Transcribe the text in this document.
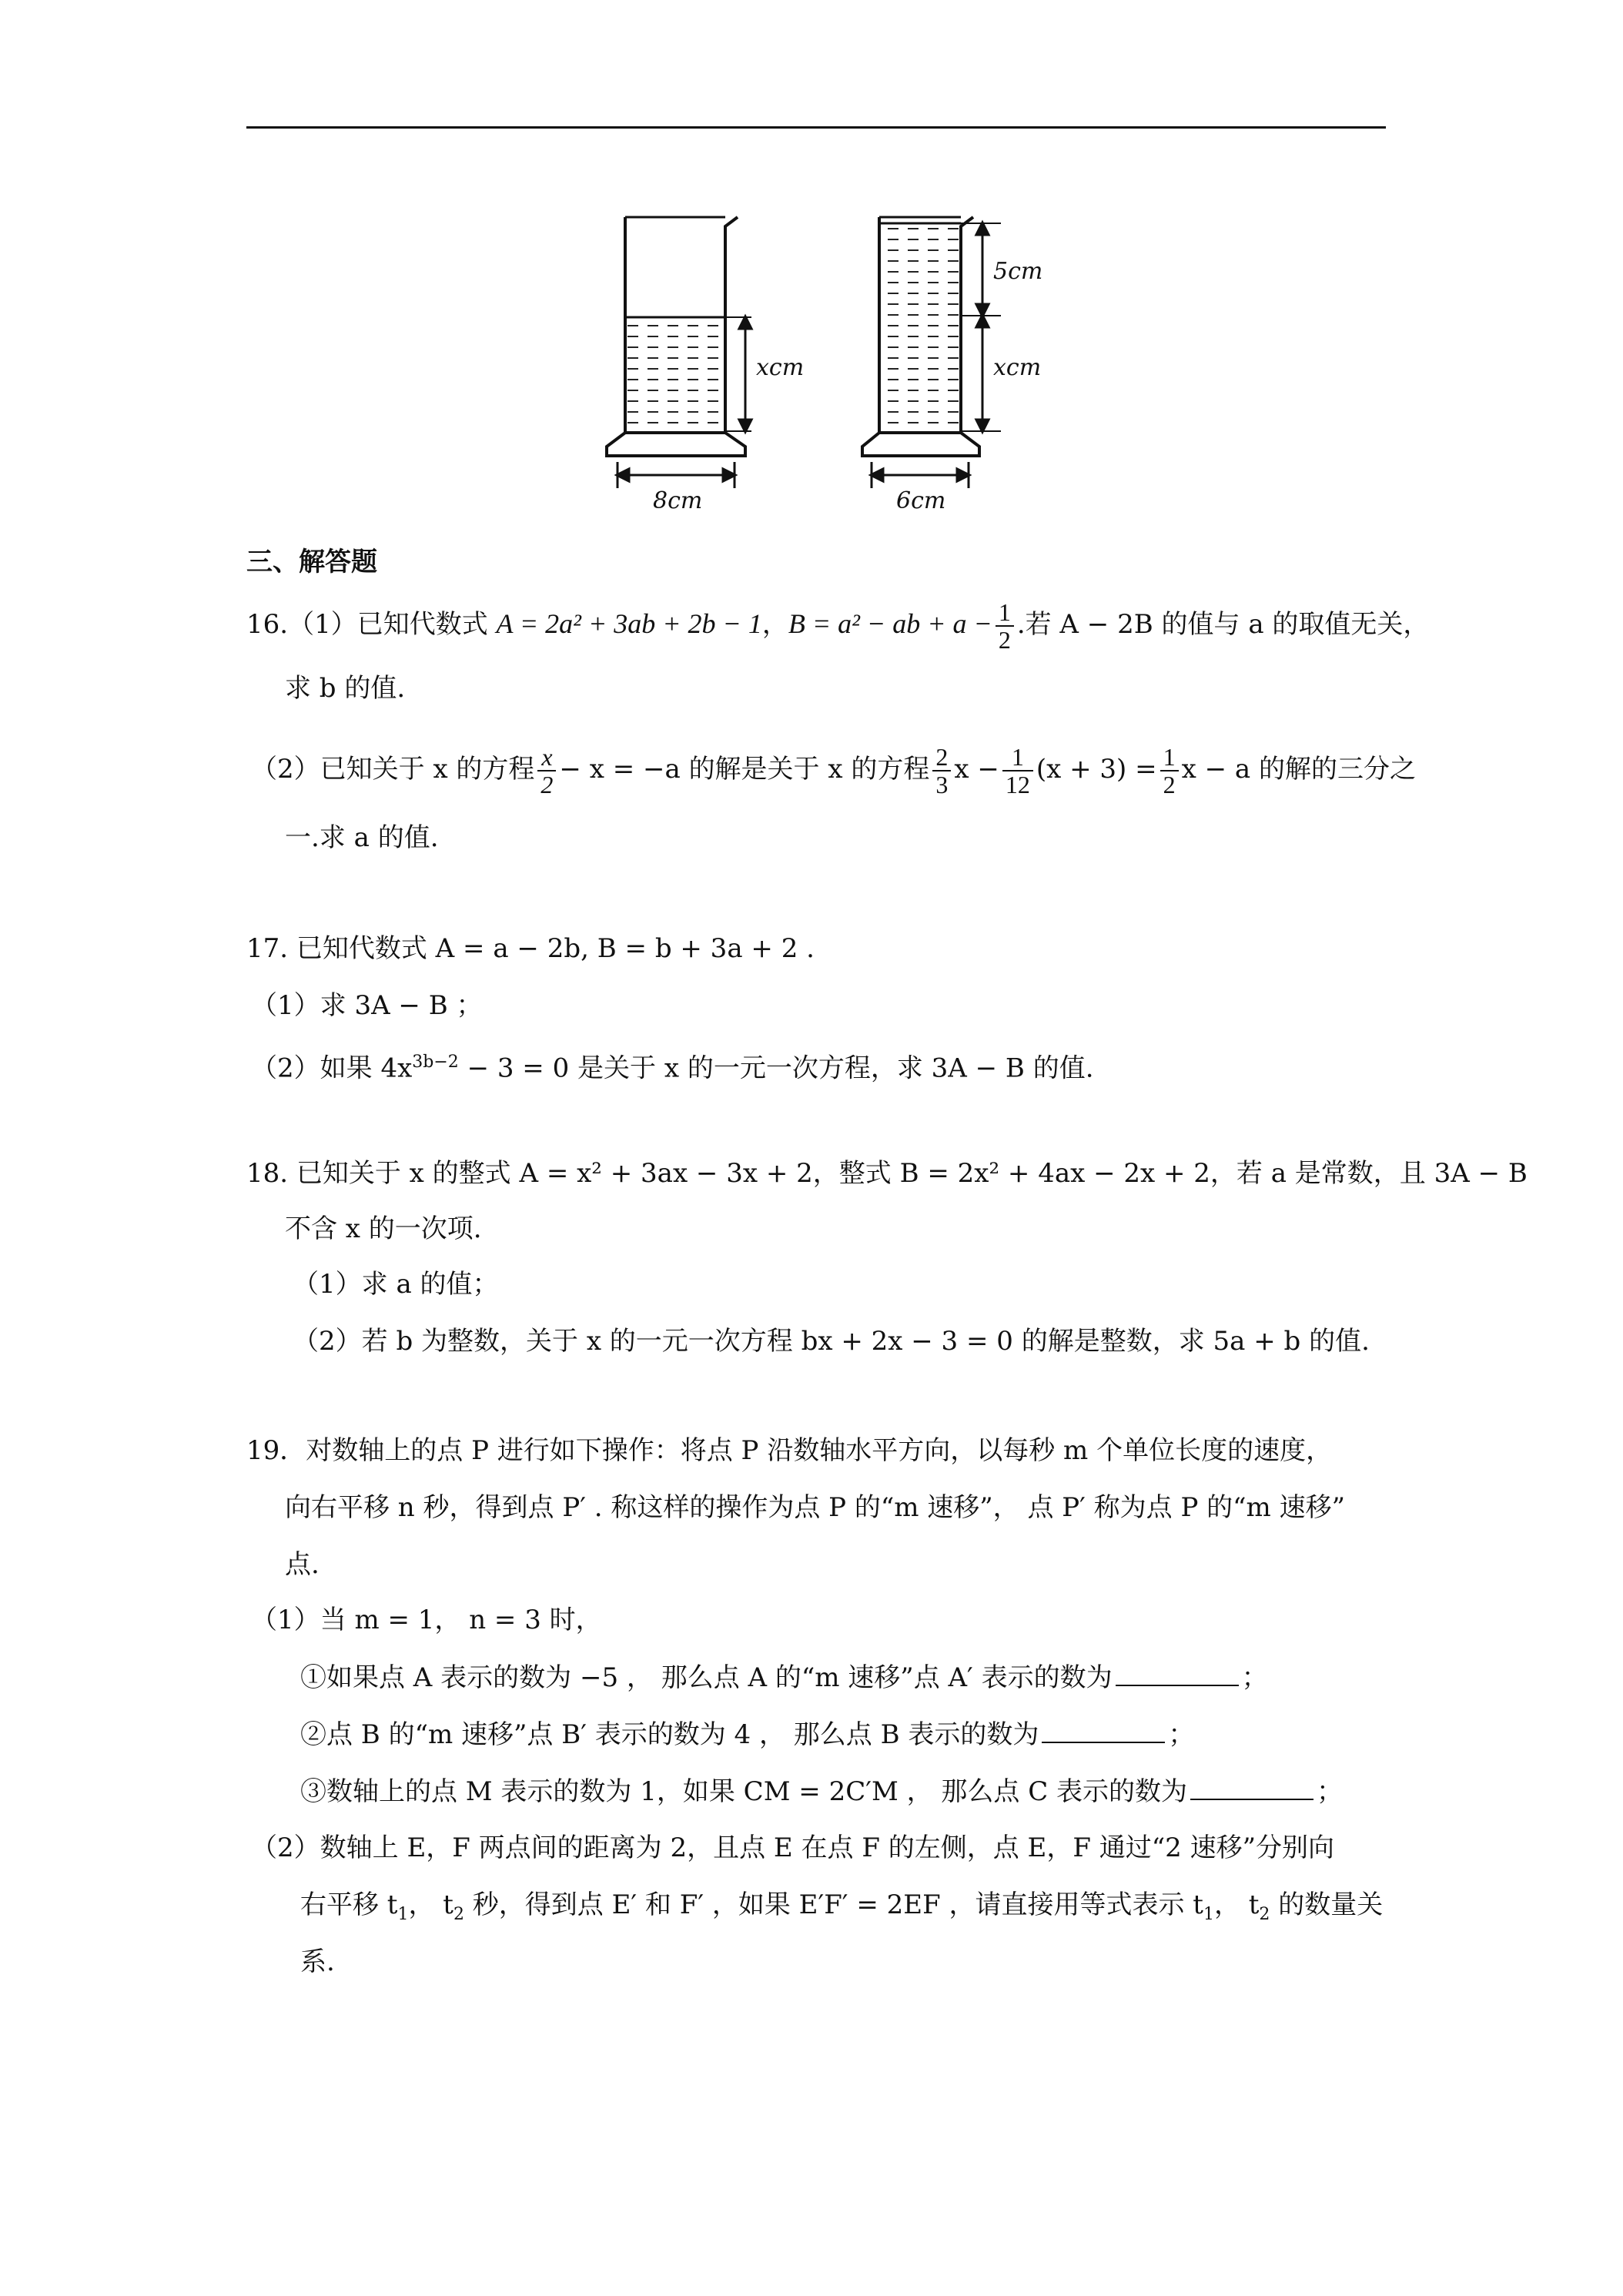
xcm
8cm
5cm
xcm
6cm
三、解答题
16.（1）已知代数式 A = 2a² + 3ab + 2b − 1，B = a² − ab + $a - \frac{1}{2}$ .若 A − 2B 的值与 a 的取值无关，
求 b 的值.
（2）已知关于 x 的方程 $\frac{x}{2} - x = -a$ 的解是关于 x 的方程 $\frac{2}{3}$ $x - \frac{1}{12} (x + 3) = \frac{1}{2}$ x − a 的解的三分之
一.求 a 的值.
17. 已知代数式 A = a − 2b, B = b + 3a + 2 .
（1）求 3A − B ；
（2）如果 $4x^{3b-2} - 3 = 0$ 是关于 x 的一元一次方程，求 3A − B 的值.
18. 已知关于 x 的整式 A = x² + 3ax − 3x + 2，整式 B = 2x² + 4ax − 2x + 2，若 a 是常数，且 3A − B
不含 x 的一次项.
（1）求 a 的值；
（2）若 b 为整数，关于 x 的一元一次方程 bx + 2x − 3 = 0 的解是整数，求 5a + b 的值.
19．对数轴上的点 P 进行如下操作：将点 P 沿数轴水平方向，以每秒 m 个单位长度的速度，
向右平移 n 秒，得到点 P′ . 称这样的操作为点 P 的“m 速移”， 点 P′ 称为点 P 的“m 速移”
点.
（1）当 m = 1， n = 3 时，
①如果点 A 表示的数为 −5 ， 那么点 A 的“m 速移”点 A′ 表示的数为	；
②点 B 的“m 速移”点 B′ 表示的数为 4 ， 那么点 B 表示的数为	；
③数轴上的点 M 表示的数为 1，如果 CM = 2C′M ， 那么点 C 表示的数为	；
（2）数轴上 E，F 两点间的距离为 2，且点 E 在点 F 的左侧，点 E，F 通过“2 速移”分别向
右平移 $t_1$， $t_2$ 秒，得到点 E′ 和 F′ ，如果 E′F′ = 2EF ，请直接用等式表示 $t_1$， $t_2$ 的数量关
系.
